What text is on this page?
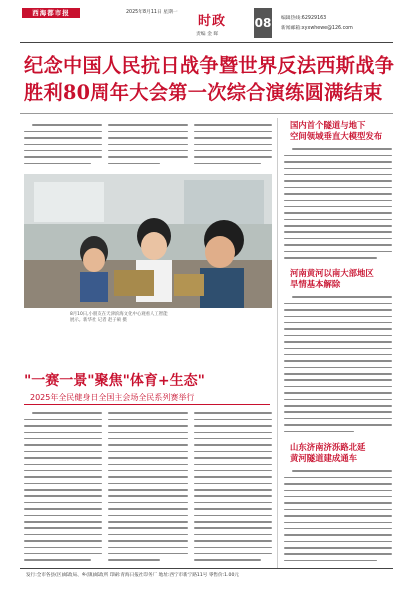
西海都市报	2025年8月11日 星期一
时政
责编 金 晖
08 编辑热线:62929163
新闻邮箱:xyxwhewe@126.com
纪念中国人民抗日战争暨世界反法西斯战争
胜利80周年大会第一次综合演练圆满结束
8月10日,小朋友在天津滨海文化中心观看人工智能
展示。新华社 记者 赵子硕 摄
"一赛一景"聚焦"体育+生态"
2025年全民健身日全国主会场全民系列赛举行
国内首个隧道与地下
空间领域垂直大模型发布
河南黄河以南大部地区
旱情基本解除
山东济南济泺路北延
黄河隧道建成通车
发行:全市各县(区)邮政局、乡(镇)邮政所 印刷:青海日报社印务厂 地址:西宁市新宁路11号 零售价:1.00元
